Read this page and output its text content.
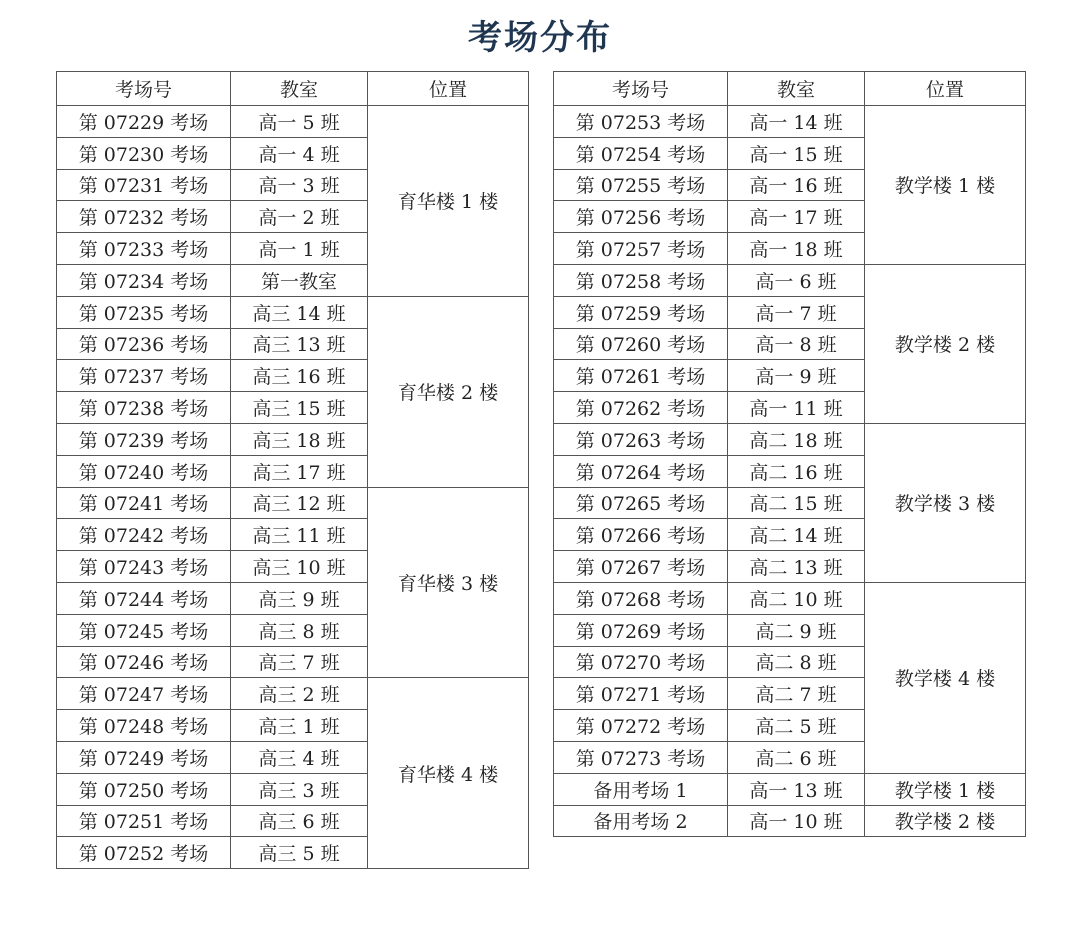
考场分布
考场号	教室	位置
第 07229 考场	高一 5 班	育华楼 1 楼
第 07230 考场	高一 4 班	
第 07231 考场	高一 3 班	
第 07232 考场	高一 2 班	
第 07233 考场	高一 1 班	
第 07234 考场	第一教室	
第 07235 考场	高三 14 班	育华楼 2 楼
第 07236 考场	高三 13 班	
第 07237 考场	高三 16 班	
第 07238 考场	高三 15 班	
第 07239 考场	高三 18 班	
第 07240 考场	高三 17 班	
第 07241 考场	高三 12 班	育华楼 3 楼
第 07242 考场	高三 11 班	
第 07243 考场	高三 10 班	
第 07244 考场	高三 9 班	
第 07245 考场	高三 8 班	
第 07246 考场	高三 7 班	
第 07247 考场	高三 2 班	育华楼 4 楼
第 07248 考场	高三 1 班	
第 07249 考场	高三 4 班	
第 07250 考场	高三 3 班	
第 07251 考场	高三 6 班	
第 07252 考场	高三 5 班	
考场号	教室	位置
第 07253 考场	高一 14 班	教学楼 1 楼
第 07254 考场	高一 15 班	
第 07255 考场	高一 16 班	
第 07256 考场	高一 17 班	
第 07257 考场	高一 18 班	
第 07258 考场	高一 6 班	教学楼 2 楼
第 07259 考场	高一 7 班	
第 07260 考场	高一 8 班	
第 07261 考场	高一 9 班	
第 07262 考场	高一 11 班	
第 07263 考场	高二 18 班	教学楼 3 楼
第 07264 考场	高二 16 班	
第 07265 考场	高二 15 班	
第 07266 考场	高二 14 班	
第 07267 考场	高二 13 班	
第 07268 考场	高二 10 班	教学楼 4 楼
第 07269 考场	高二 9 班	
第 07270 考场	高二 8 班	
第 07271 考场	高二 7 班	
第 07272 考场	高二 5 班	
第 07273 考场	高二 6 班	
备用考场 1	高一 13 班	教学楼 1 楼
备用考场 2	高一 10 班	教学楼 2 楼
